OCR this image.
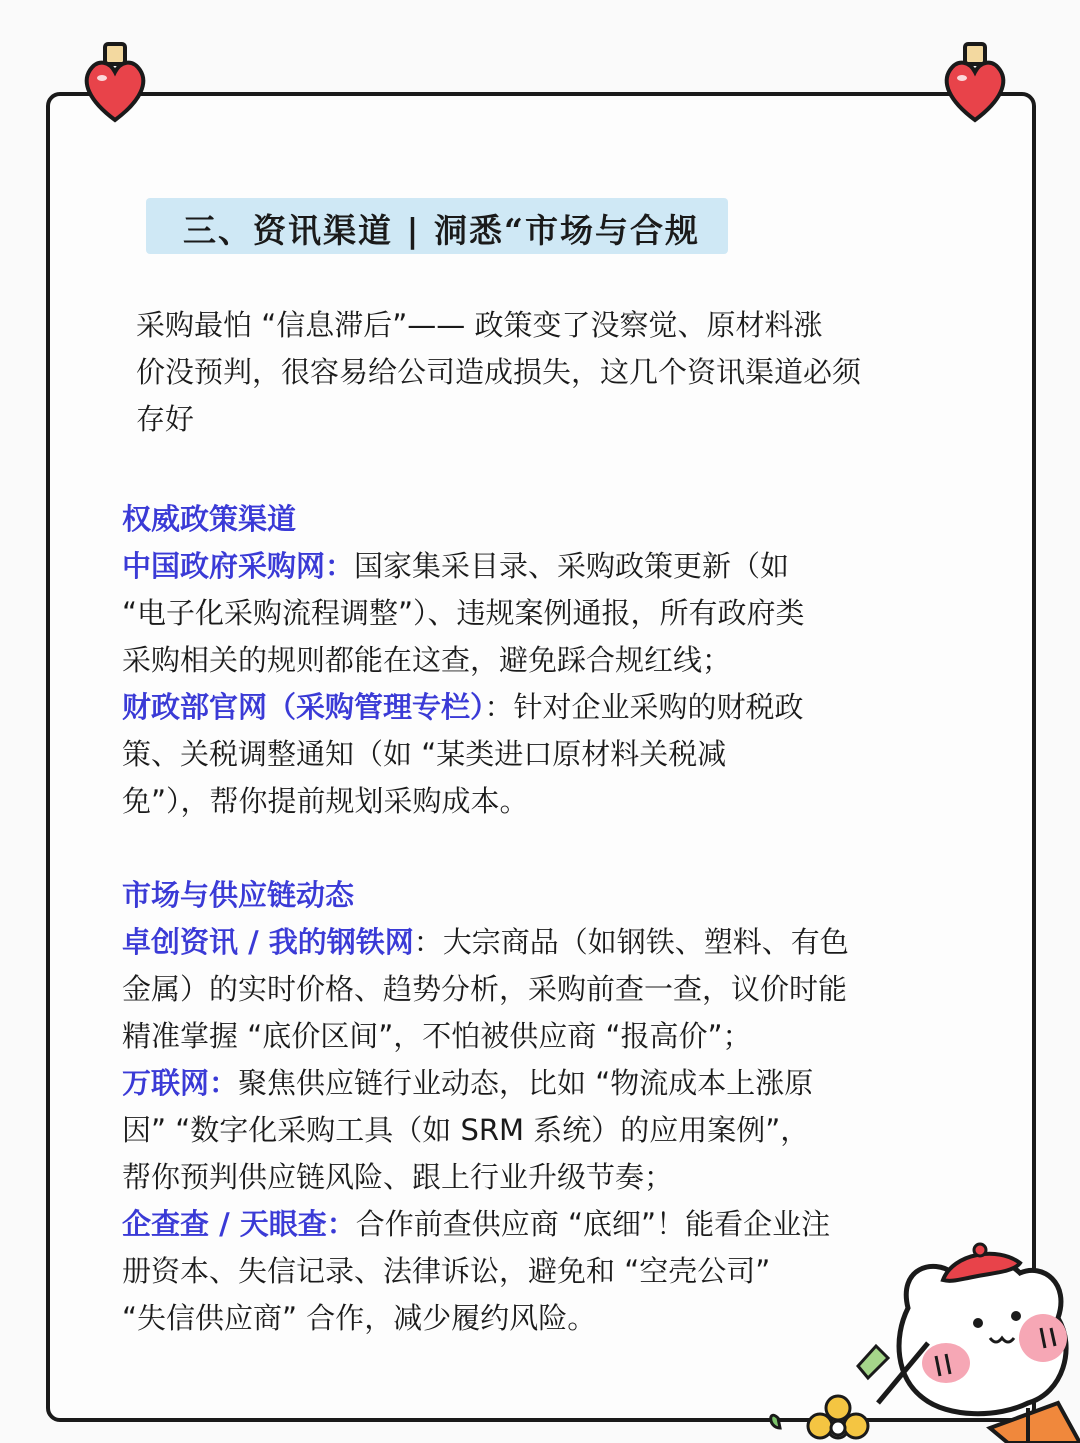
三、资讯渠道 | 洞悉“市场与合规
采购最怕 “信息滞后”—— 政策变了没察觉、原材料涨
价没预判，很容易给公司造成损失，这几个资讯渠道必须
存好
权威政策渠道
中国政府采购网：国家集采目录、采购政策更新（如
“电子化采购流程调整”）、违规案例通报，所有政府类
采购相关的规则都能在这查，避免踩合规红线；
财政部官网（采购管理专栏）：针对企业采购的财税政
策、关税调整通知（如 “某类进口原材料关税减
免”），帮你提前规划采购成本。
市场与供应链动态
卓创资讯 / 我的钢铁网：大宗商品（如钢铁、塑料、有色
金属）的实时价格、趋势分析，采购前查一查，议价时能
精准掌握 “底价区间”，不怕被供应商 “报高价”；
万联网：聚焦供应链行业动态，比如 “物流成本上涨原
因” “数字化采购工具（如 SRM 系统）的应用案例”，
帮你预判供应链风险、跟上行业升级节奏；
企查查 / 天眼查：合作前查供应商 “底细”！能看企业注
册资本、失信记录、法律诉讼，避免和 “空壳公司”
“失信供应商” 合作，减少履约风险。
